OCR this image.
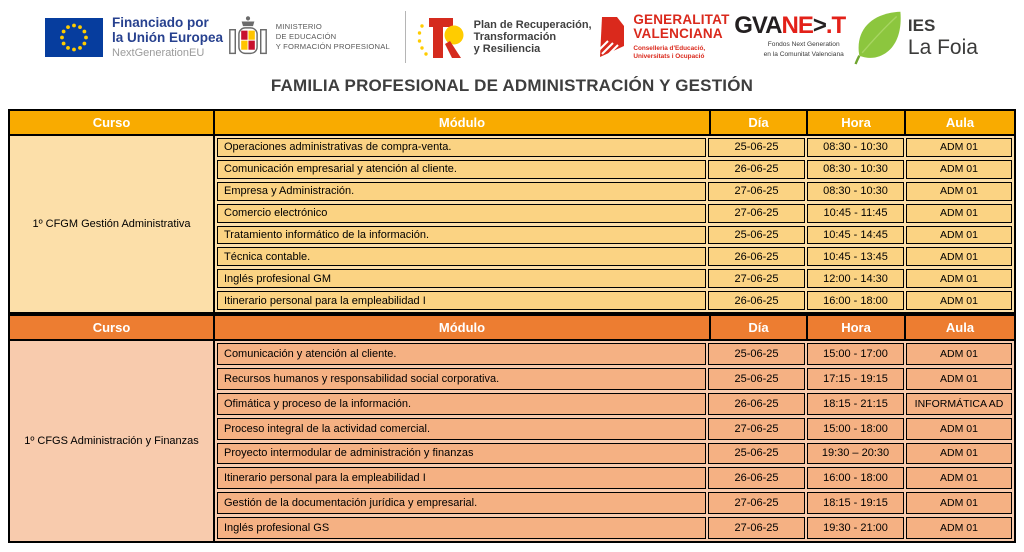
Financiado por
la Unión Europea
NextGenerationEU
MINISTERIO
DE EDUCACIÓN
Y FORMACIÓN PROFESIONAL
Plan de Recuperación,
Transformación
y Resiliencia
GENERALITAT
VALENCIANA
Conselleria d'Educació,
Universitats i Ocupació
GVANE>.T
Fondos Next Generation
en la Comunitat Valenciana
IES
La Foia
FAMILIA PROFESIONAL DE ADMINISTRACIÓN Y GESTIÓN
Curso	Módulo	Día	Hora	Aula
1º CFGM Gestión Administrativa
Operaciones administrativas de compra-venta.	25-06-25	08:30 - 10:30	ADM 01
Comunicación empresarial y atención al cliente.	26-06-25	08:30 - 10:30	ADM 01
Empresa y Administración.	27-06-25	08:30 - 10:30	ADM 01
Comercio electrónico	27-06-25	10:45 - 11:45	ADM 01
Tratamiento informático de la información.	25-06-25	10:45 - 14:45	ADM 01
Técnica contable.	26-06-25	10:45 - 13:45	ADM 01
Inglés profesional GM	27-06-25	12:00 - 14:30	ADM 01
Itinerario personal para la empleabilidad I	26-06-25	16:00 - 18:00	ADM 01
Curso	Módulo	Día	Hora	Aula
1º CFGS Administración y Finanzas
Comunicación y atención al cliente.	25-06-25	15:00 - 17:00	ADM 01
Recursos humanos y responsabilidad social corporativa.	25-06-25	17:15 - 19:15	ADM 01
Ofimática y proceso de la información.	26-06-25	18:15 - 21:15	INFORMÁTICA AD
Proceso integral de la actividad comercial.	27-06-25	15:00 - 18:00	ADM 01
Proyecto intermodular de administración y finanzas	25-06-25	19:30 – 20:30	ADM 01
Itinerario personal para la empleabilidad I	26-06-25	16:00 - 18:00	ADM 01
Gestión de la documentación jurídica y empresarial.	27-06-25	18:15 - 19:15	ADM 01
Inglés profesional GS	27-06-25	19:30 - 21:00	ADM 01
